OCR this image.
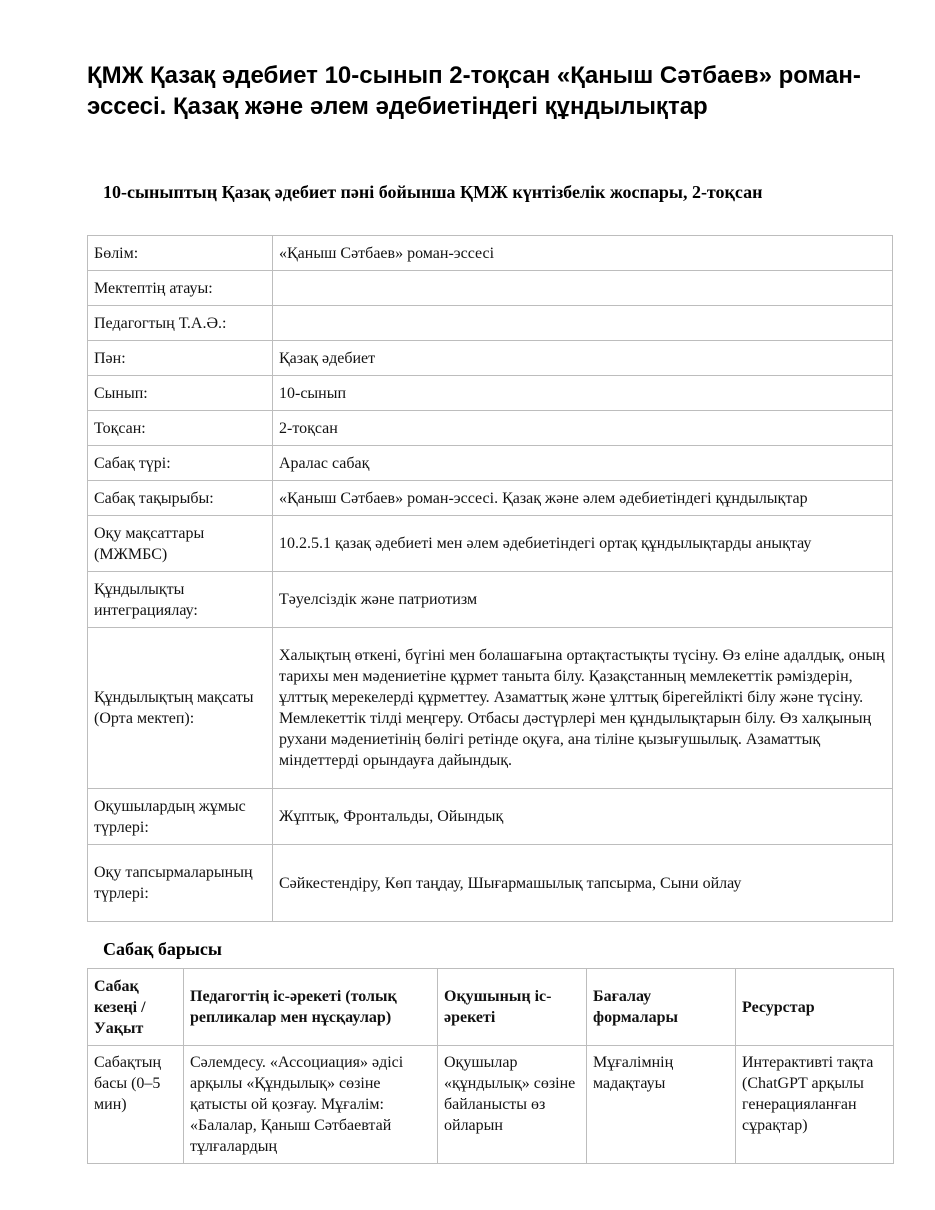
ҚМЖ Қазақ әдебиет 10-сынып 2-тоқсан «Қаныш Сәтбаев» роман-эссесі. Қазақ және әлем әдебиетіндегі құндылықтар

10-сыныптың Қазақ әдебиет пәні бойынша ҚМЖ күнтізбелік жоспары, 2-тоқсан

Бөлім:	«Қаныш Сәтбаев» роман-эссесі
Мектептің атауы:	
Педагогтың Т.А.Ә.:	
Пән:	Қазақ әдебиет
Сынып:	10-сынып
Тоқсан:	2-тоқсан
Сабақ түрі:	Аралас сабақ
Сабақ тақырыбы:	«Қаныш Сәтбаев» роман-эссесі. Қазақ және әлем әдебиетіндегі құндылықтар
Оқу мақсаттары (МЖМБС)	10.2.5.1 қазақ әдебиеті мен әлем әдебиетіндегі ортақ құндылықтарды анықтау
Құндылықты интеграциялау:	Тәуелсіздік және патриотизм
Құндылықтың мақсаты (Орта мектеп):	Халықтың өткені, бүгіні мен болашағына ортақтастықты түсіну. Өз еліне адалдық, оның тарихы мен мәдениетіне құрмет таныта білу. Қазақстанның мемлекеттік рәміздерін, ұлттық мерекелерді құрметтеу. Азаматтық және ұлттық бірегейлікті білу және түсіну. Мемлекеттік тілді меңгеру. Отбасы дәстүрлері мен құндылықтарын білу. Өз халқының рухани мәдениетінің бөлігі ретінде оқуға, ана тіліне қызығушылық. Азаматтық міндеттерді орындауға дайындық.
Оқушылардың жұмыс түрлері:	Жұптық, Фронтальды, Ойындық
Оқу тапсырмаларының түрлері:	Сәйкестендіру, Көп таңдау, Шығармашылық тапсырма, Сыни ойлау

Сабақ барысы

Сабақ кезеңі / Уақыт	Педагогтің іс-әрекеті (толық репликалар мен нұсқаулар)	Оқушының іс-әрекеті	Бағалау формалары	Ресурстар
Сабақтың басы (0–5 мин)	Сәлемдесу. «Ассоциация» әдісі арқылы «Құндылық» сөзіне қатысты ой қозғау. Мұғалім: «Балалар, Қаныш Сәтбаевтай тұлғалардың	Оқушылар «құндылық» сөзіне байланысты өз ойларын	Мұғалімнің мадақтауы	Интерактивті тақта (ChatGPT арқылы генерацияланған сұрақтар)
